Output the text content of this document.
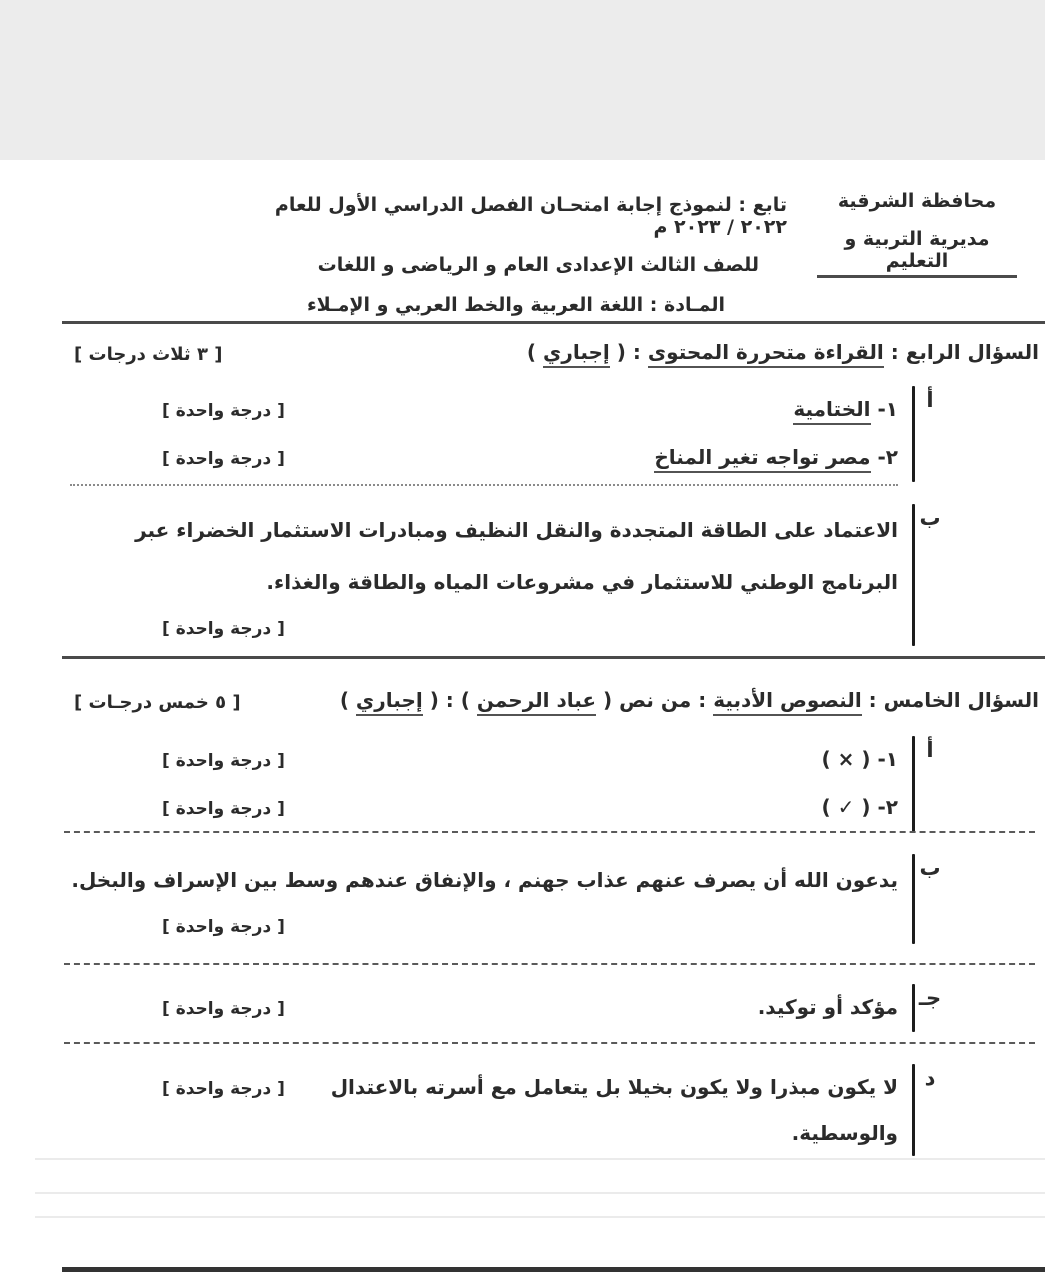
محافظة الشرقية
مديرية التربية و التعليم
تابع : لنموذج إجابة امتحـان الفصل الدراسي الأول للعام ٢٠٢٢ / ٢٠٢٣ م
للصف الثالث الإعدادى العام و الرياضى و اللغات
المـادة : اللغة العربية والخط العربي و الإمـلاء
السؤال الرابع : القراءة متحررة المحتوى : ( إجباري )
[ ٣ ثلاث درجات ]
أ
١- الختامية
[ درجة واحدة ]
٢- مصر تواجه تغير المناخ
[ درجة واحدة ]
ب
الاعتماد على الطاقة المتجددة والنقل النظيف ومبادرات الاستثمار الخضراء عبر البرنامج الوطني للاستثمار في مشروعات المياه والطاقة والغذاء.
[ درجة واحدة ]
السؤال الخامس : النصوص الأدبية : من نص ( عباد الرحمن ) : ( إجباري )
[ ٥ خمس درجـات ]
أ
١- ( × )
[ درجة واحدة ]
٢- ( ✓ )
[ درجة واحدة ]
ب
يدعون الله أن يصرف عنهم عذاب جهنم ، والإنفاق عندهم وسط بين الإسراف والبخل.
[ درجة واحدة ]
جـ
مؤكد أو توكيد.
[ درجة واحدة ]
د
لا يكون مبذرا ولا يكون بخيلا بل يتعامل مع أسرته بالاعتدال والوسطية.
[ درجة واحدة ]
